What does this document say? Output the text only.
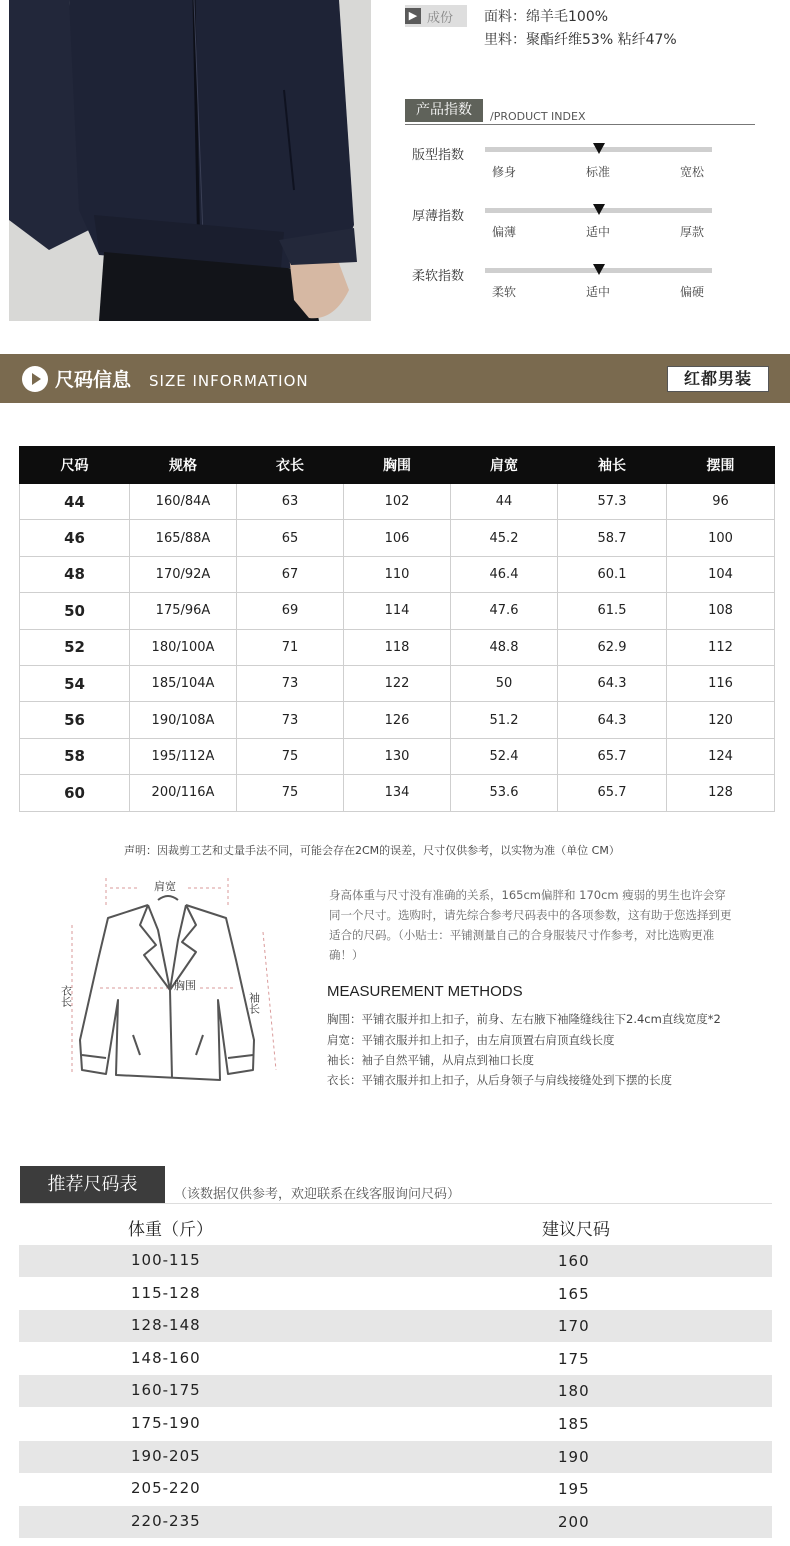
▶ 成份 面料：绵羊毛100%
里料：聚酯纤维53% 粘纤47%
产品指数	/PRODUCT INDEX
版型指数
修身	标准	宽松
厚薄指数
偏薄	适中	厚款
柔软指数
柔软	适中	偏硬
尺码信息 SIZE INFORMATION	红都男装
尺码	规格	衣长	胸围	肩宽	袖长	摆围
44	160/84A	63	102	44	57.3	96
46	165/88A	65	106	45.2	58.7	100
48	170/92A	67	110	46.4	60.1	104
50	175/96A	69	114	47.6	61.5	108
52	180/100A	71	118	48.8	62.9	112
54	185/104A	73	122	50	64.3	116
56	190/108A	73	126	51.2	64.3	120
58	195/112A	75	130	52.4	65.7	124
60	200/116A	75	134	53.6	65.7	128
声明：因裁剪工艺和丈量手法不同，可能会存在2CM的误差，尺寸仅供参考，以实物为准（单位 CM）
肩宽
胸围
衣长	袖长
身高体重与尺寸没有准确的关系，165cm偏胖和 170cm 瘦弱的男生也许会穿同一个尺寸。选购时，请先综合参考尺码表中的各项参数，这有助于您选择到更适合的尺码。（小贴士：平铺测量自己的合身服装尺寸作参考，对比选购更准确！）
MEASUREMENT METHODS
胸围：平铺衣服并扣上扣子，前身、左右腋下袖隆缝线往下2.4cm直线宽度*2
肩宽：平铺衣服并扣上扣子，由左肩顶置右肩顶直线长度
袖长：袖子自然平铺，从肩点到袖口长度
衣长：平铺衣服并扣上扣子，从后身领子与肩线接缝处到下摆的长度
推荐尺码表	（该数据仅供参考，欢迎联系在线客服询问尺码）
体重（斤）	建议尺码
100-115	160
115-128	165
128-148	170
148-160	175
160-175	180
175-190	185
190-205	190
205-220	195
220-235	200
